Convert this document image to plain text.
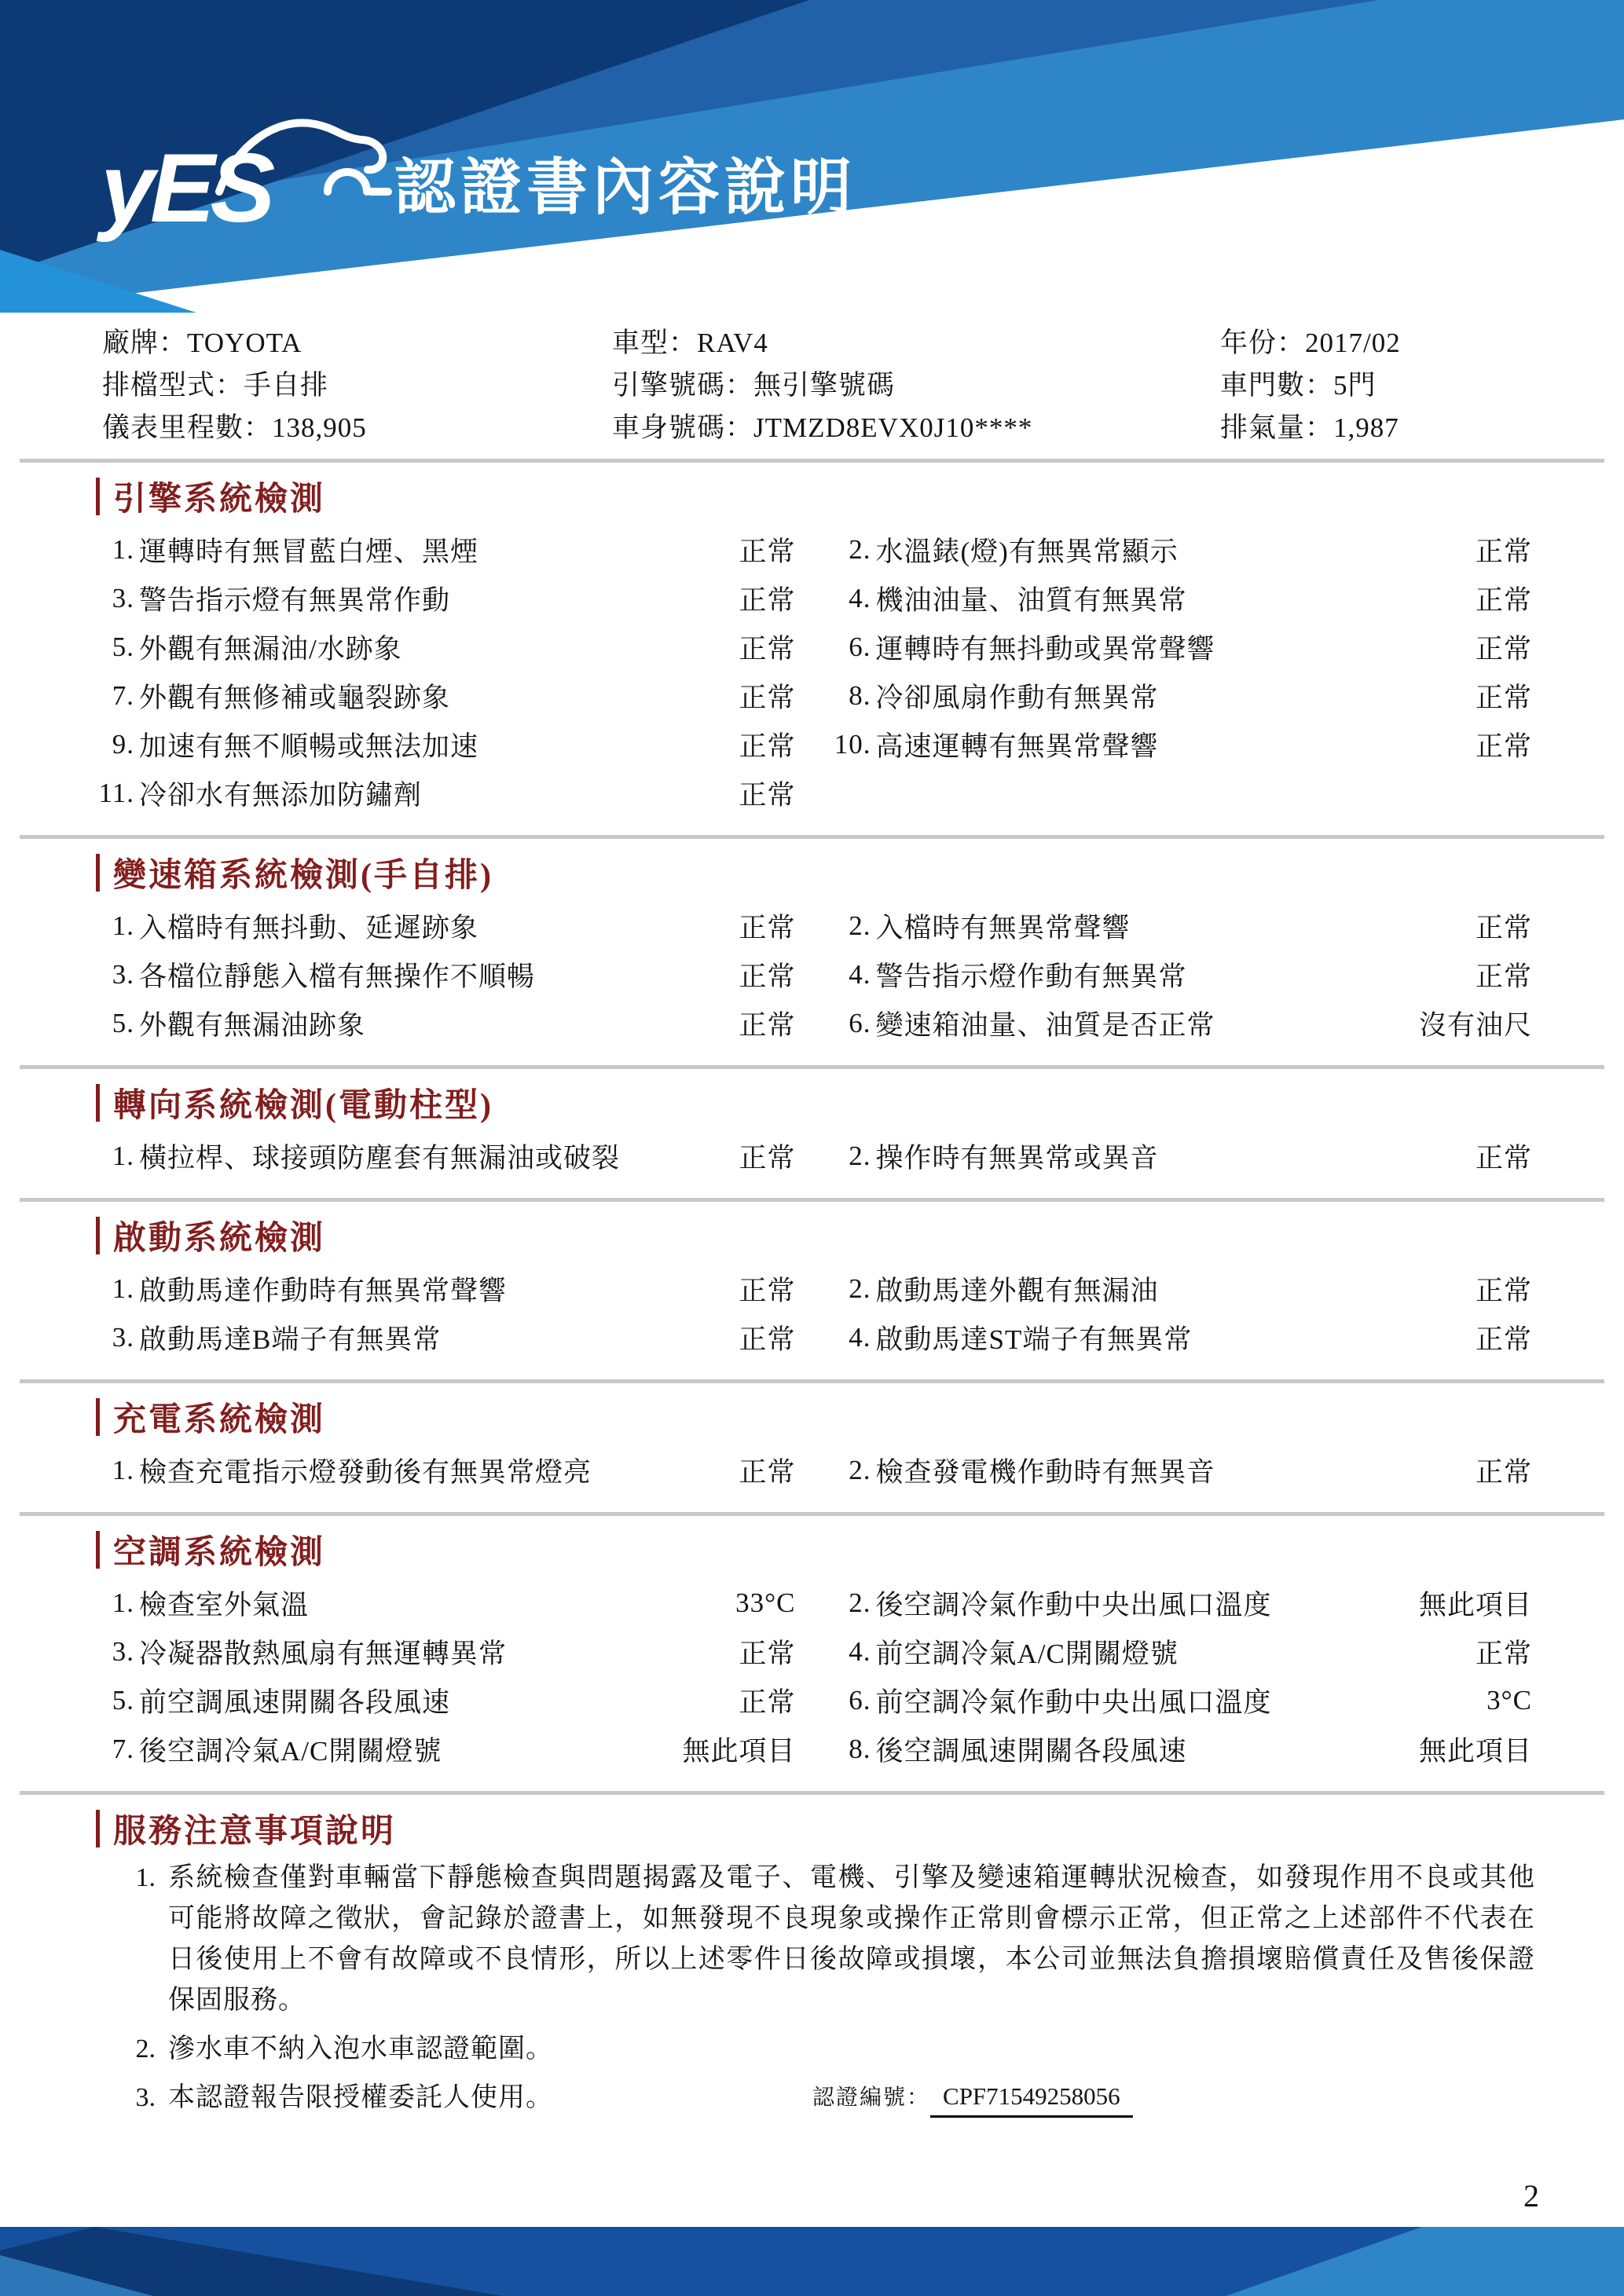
yES 認證書內容說明
廠牌：TOYOTA
排檔型式：手自排
儀表里程數：138,905
車型：RAV4
引擎號碼：無引擎號碼
車身號碼：JTMZD8EVX0J10****
年份：2017/02
車門數：5門
排氣量：1,987
引擎系統檢測
1. 運轉時有無冒藍白煙、黑煙	正常	2. 水溫錶(燈)有無異常顯示	正常
3. 警告指示燈有無異常作動	正常	4. 機油油量、油質有無異常	正常
5. 外觀有無漏油/水跡象	正常	6. 運轉時有無抖動或異常聲響	正常
7. 外觀有無修補或龜裂跡象	正常	8. 冷卻風扇作動有無異常	正常
9. 加速有無不順暢或無法加速	正常	10. 高速運轉有無異常聲響	正常
11. 冷卻水有無添加防鏽劑	正常
變速箱系統檢測(手自排)
1. 入檔時有無抖動、延遲跡象	正常	2. 入檔時有無異常聲響	正常
3. 各檔位靜態入檔有無操作不順暢	正常	4. 警告指示燈作動有無異常	正常
5. 外觀有無漏油跡象	正常	6. 變速箱油量、油質是否正常	沒有油尺
轉向系統檢測(電動柱型)
1. 橫拉桿、球接頭防塵套有無漏油或破裂	正常	2. 操作時有無異常或異音	正常
啟動系統檢測
1. 啟動馬達作動時有無異常聲響	正常	2. 啟動馬達外觀有無漏油	正常
3. 啟動馬達B端子有無異常	正常	4. 啟動馬達ST端子有無異常	正常
充電系統檢測
1. 檢查充電指示燈發動後有無異常燈亮	正常	2. 檢查發電機作動時有無異音	正常
空調系統檢測
1. 檢查室外氣溫	33°C	2. 後空調冷氣作動中央出風口溫度	無此項目
3. 冷凝器散熱風扇有無運轉異常	正常	4. 前空調冷氣A/C開關燈號	正常
5. 前空調風速開關各段風速	正常	6. 前空調冷氣作動中央出風口溫度	3°C
7. 後空調冷氣A/C開關燈號	無此項目	8. 後空調風速開關各段風速	無此項目
服務注意事項說明
1. 系統檢查僅對車輛當下靜態檢查與問題揭露及電子、電機、引擎及變速箱運轉狀況檢查，如發現作用不良或其他可能將故障之徵狀，會記錄於證書上，如無發現不良現象或操作正常則會標示正常，但正常之上述部件不代表在日後使用上不會有故障或不良情形，所以上述零件日後故障或損壞，本公司並無法負擔損壞賠償責任及售後保證保固服務。
2. 滲水車不納入泡水車認證範圍。
3. 本認證報告限授權委託人使用。	認證編號： CPF71549258056
2
